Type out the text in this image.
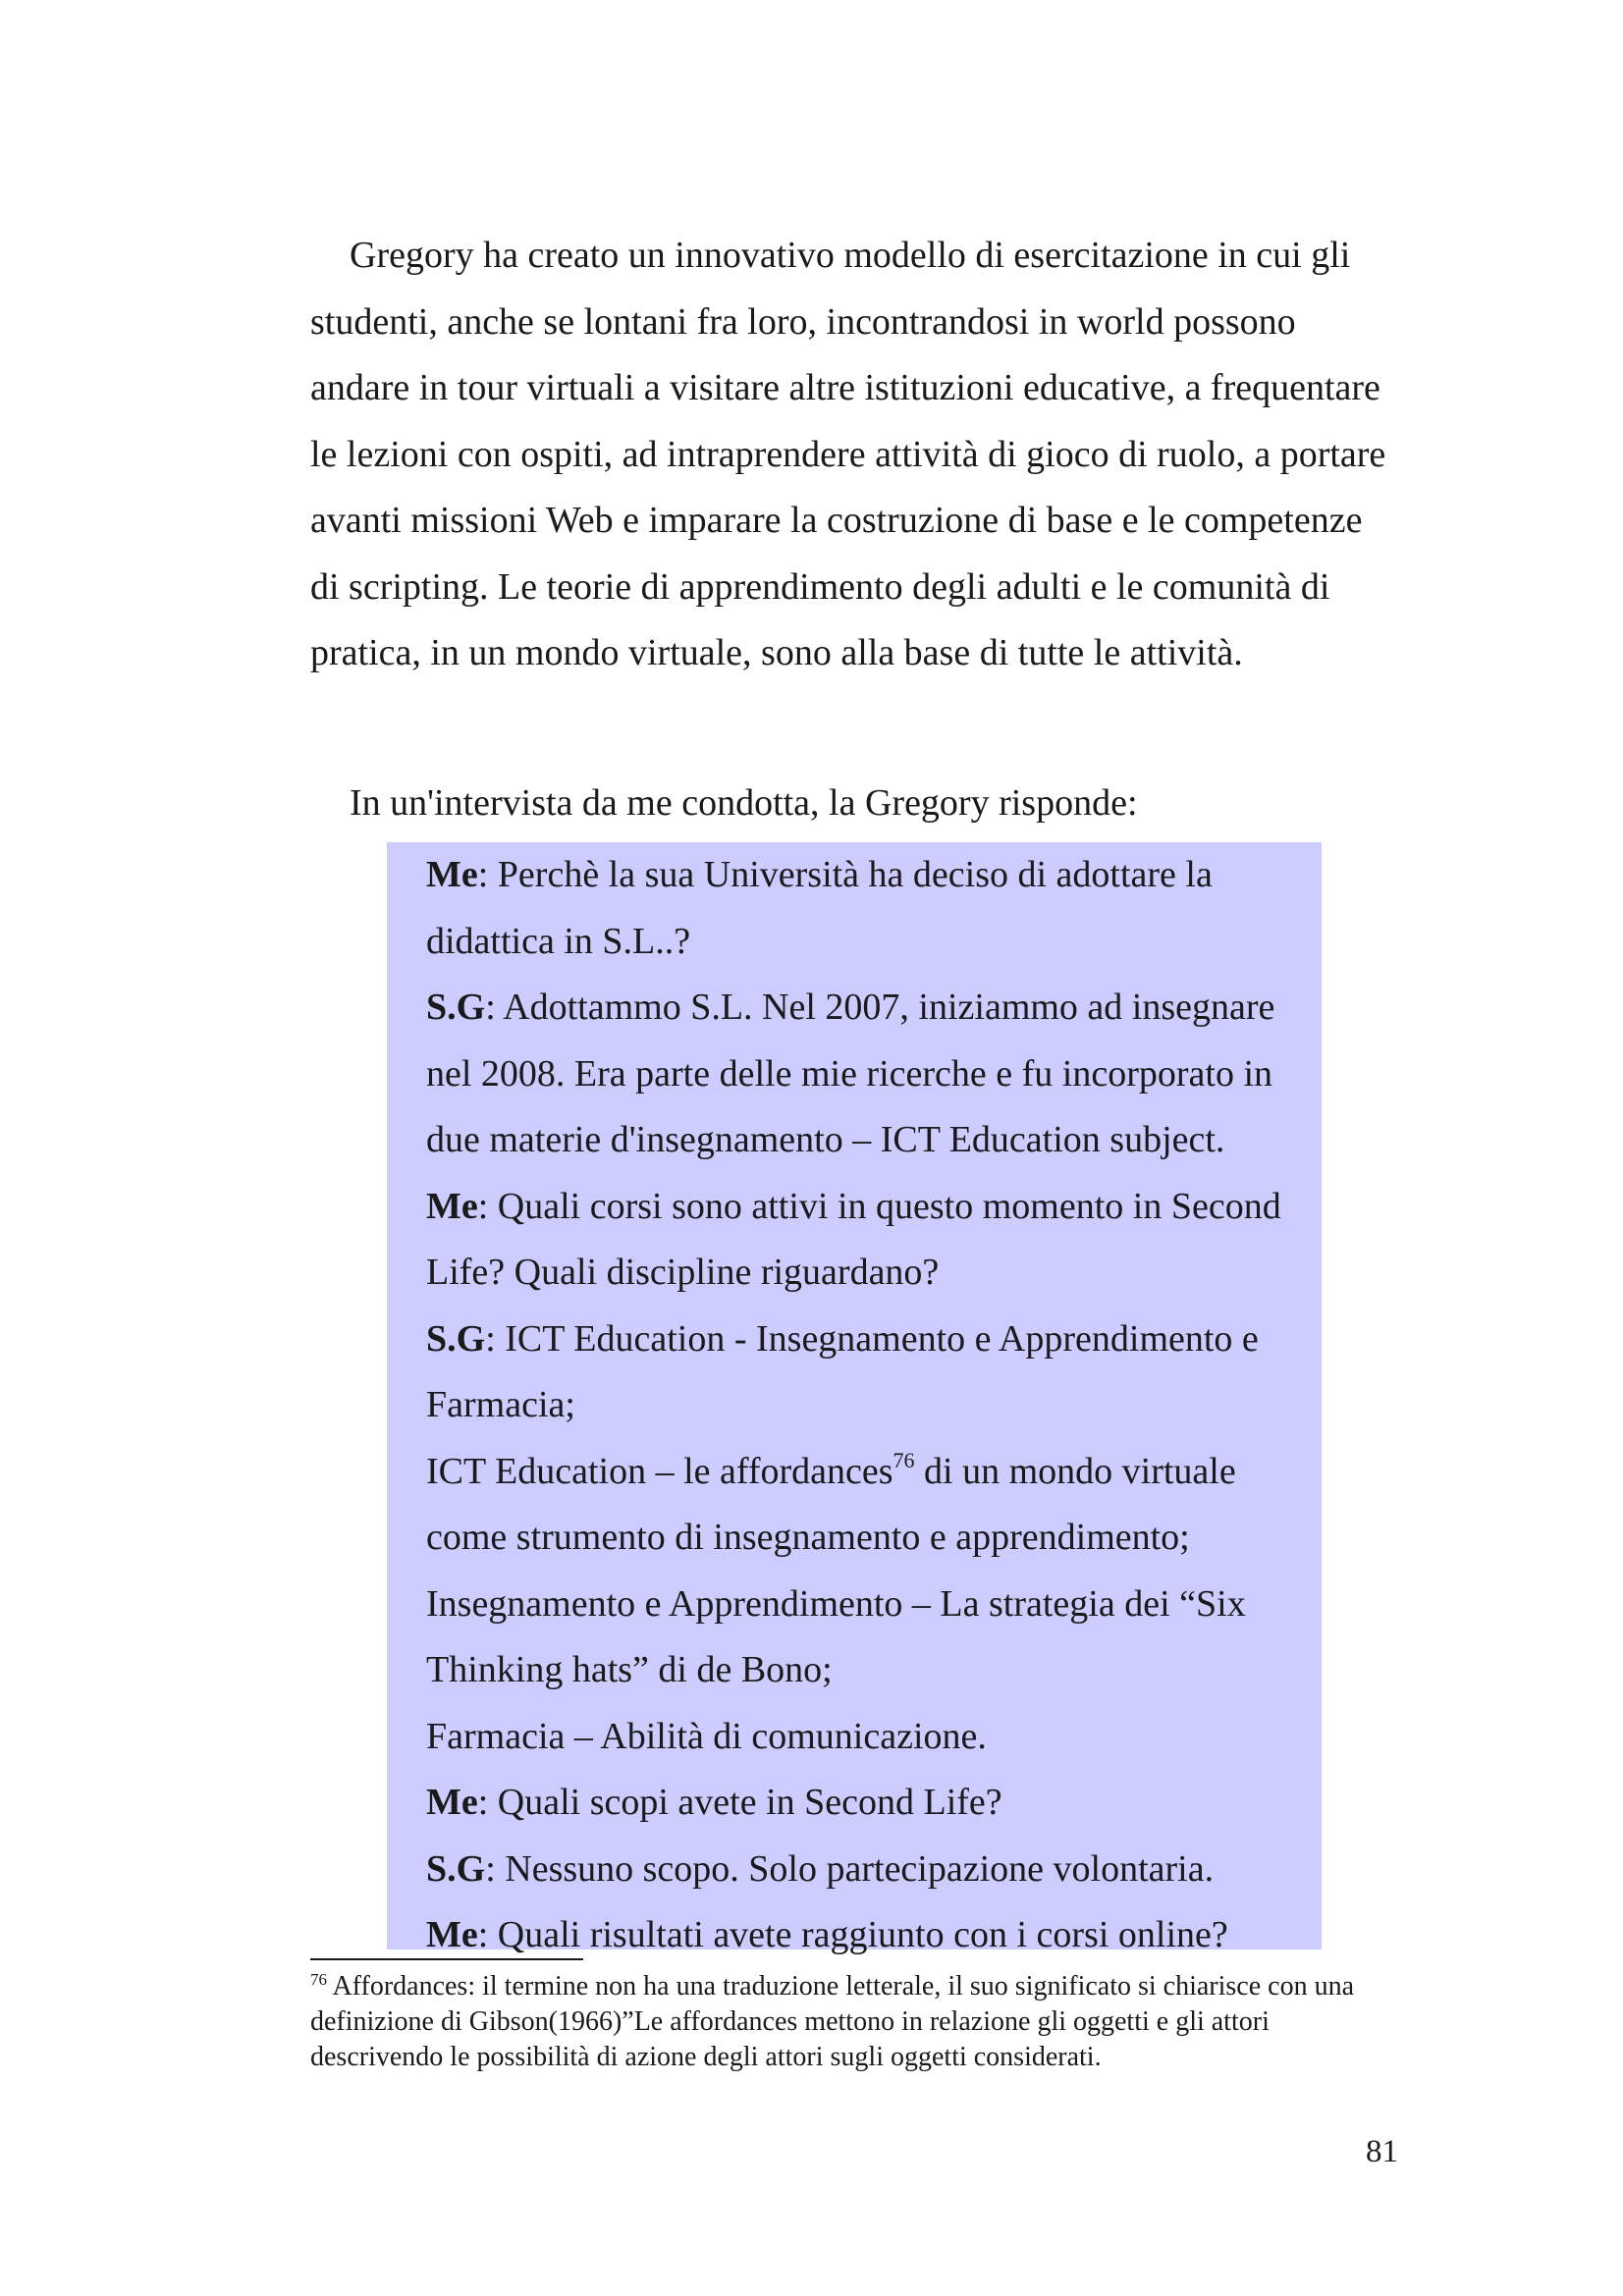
Gregory ha creato un innovativo modello di esercitazione in cui gli studenti, anche se lontani fra loro, incontrandosi in world possono andare in tour virtuali a visitare altre istituzioni educative, a frequentare le lezioni con ospiti, ad intraprendere attività di gioco di ruolo, a portare avanti missioni Web e imparare la costruzione di base e le competenze di scripting. Le teorie di apprendimento degli adulti e le comunità di pratica, in un mondo virtuale, sono alla base di tutte le attività.

In un'intervista da me condotta, la Gregory risponde:

Me: Perchè la sua Università ha deciso di adottare la
didattica in S.L..?
S.G: Adottammo S.L. Nel 2007, iniziammo ad insegnare
nel 2008. Era parte delle mie ricerche e fu incorporato in
due materie d'insegnamento – ICT Education subject.
Me: Quali corsi sono attivi in questo momento in Second
Life? Quali discipline riguardano?
S.G: ICT Education - Insegnamento e Apprendimento e
Farmacia;
ICT Education – le affordances$^{76}$ di un mondo virtuale
come strumento di insegnamento e apprendimento;
Insegnamento e Apprendimento – La strategia dei “Six
Thinking hats” di de Bono;
Farmacia – Abilità di comunicazione.
Me: Quali scopi avete in Second Life?
S.G: Nessuno scopo. Solo partecipazione volontaria.
Me: Quali risultati avete raggiunto con i corsi online?

$^{76}$ Affordances: il termine non ha una traduzione letterale, il suo significato si chiarisce con una definizione di Gibson(1966)”Le affordances mettono in relazione gli oggetti e gli attori descrivendo le possibilità di azione degli attori sugli oggetti considerati.

81
